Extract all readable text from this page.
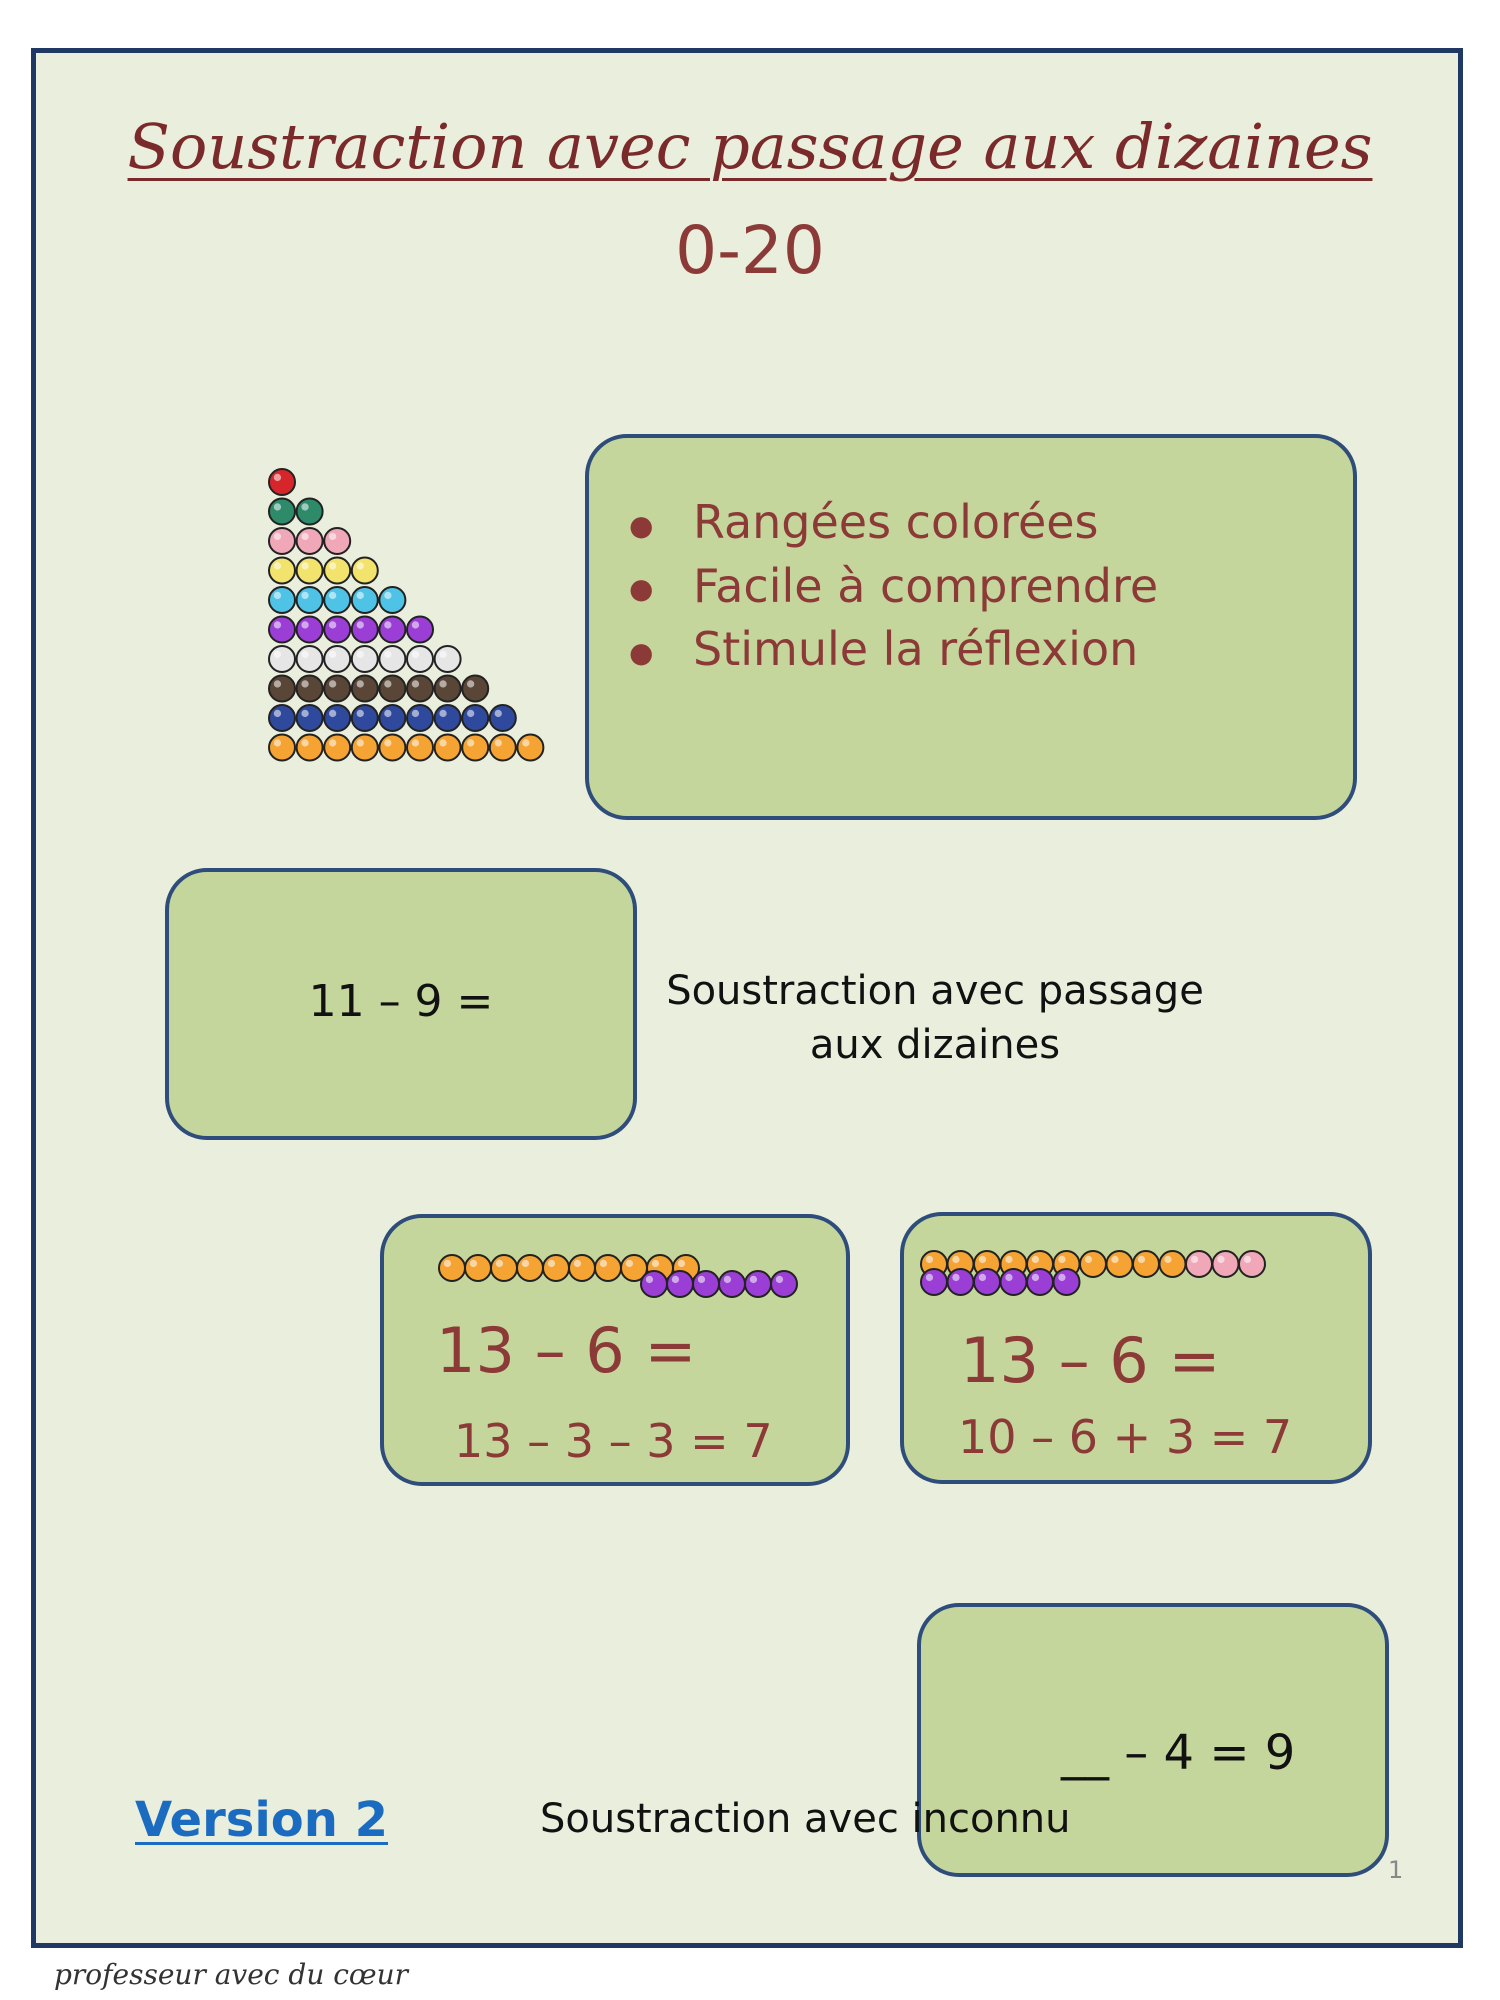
Soustraction avec passage aux dizaines
0-20
● Rangées colorées
● Facile à comprendre
● Stimule la réflexion
11 – 9 =	Soustraction avec passage
aux dizaines
13 – 6 =
13 – 3 – 3 = 7
13 – 6 =
10 – 6 + 3 = 7
__ – 4 = 9
Version 2	Soustraction avec inconnu
1
professeur avec du cœur
